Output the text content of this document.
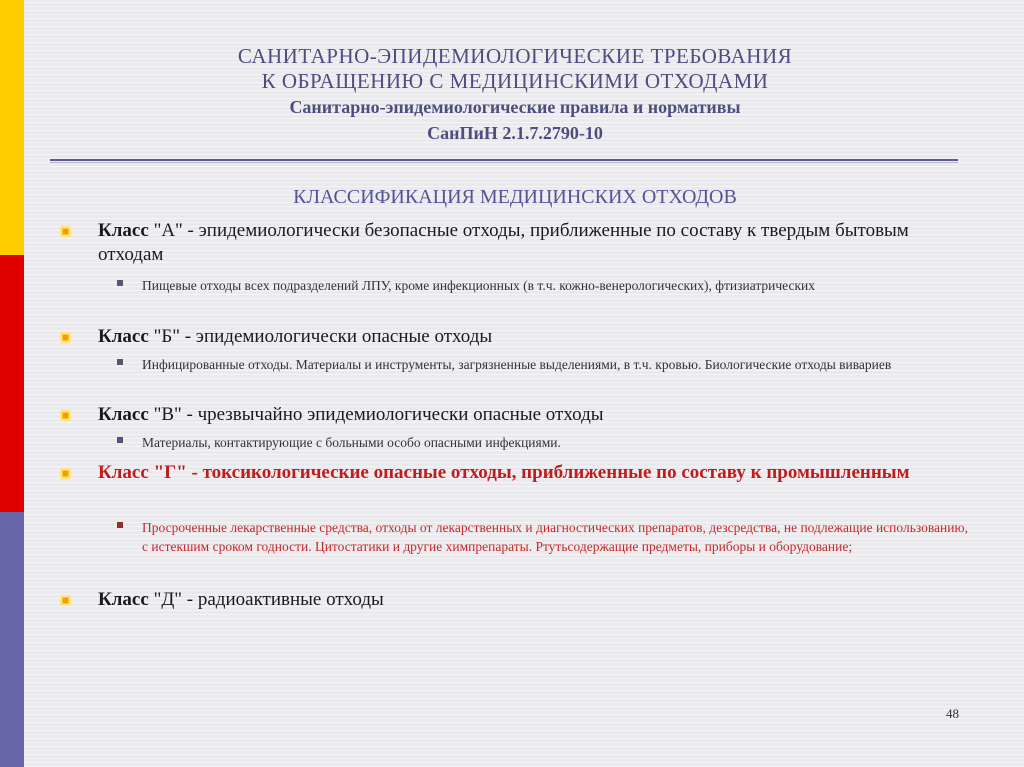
САНИТАРНО-ЭПИДЕМИОЛОГИЧЕСКИЕ ТРЕБОВАНИЯ
К ОБРАЩЕНИЮ С МЕДИЦИНСКИМИ ОТХОДАМИ
Санитарно-эпидемиологические правила и нормативы
СанПиН 2.1.7.2790-10
КЛАССИФИКАЦИЯ МЕДИЦИНСКИХ ОТХОДОВ
Класс "А" - эпидемиологически безопасные отходы, приближенные по составу к твердым бытовым отходам
Пищевые отходы всех подразделений ЛПУ, кроме инфекционных (в т.ч. кожно-венерологических), фтизиатрических
Класс "Б" - эпидемиологически опасные отходы
Инфицированные отходы. Материалы и инструменты, загрязненные выделениями, в т.ч. кровью. Биологические отходы вивариев
Класс "В" - чрезвычайно эпидемиологически опасные отходы
Материалы, контактирующие с больными особо опасными инфекциями.
Класс "Г" - токсикологические опасные отходы, приближенные по составу к промышленным
Просроченные лекарственные средства, отходы от лекарственных и диагностических препаратов, дезсредства, не подлежащие использованию, с истекшим сроком годности. Цитостатики и другие химпрепараты. Ртутьсодержащие предметы, приборы и оборудование;
Класс "Д" - радиоактивные отходы
48
